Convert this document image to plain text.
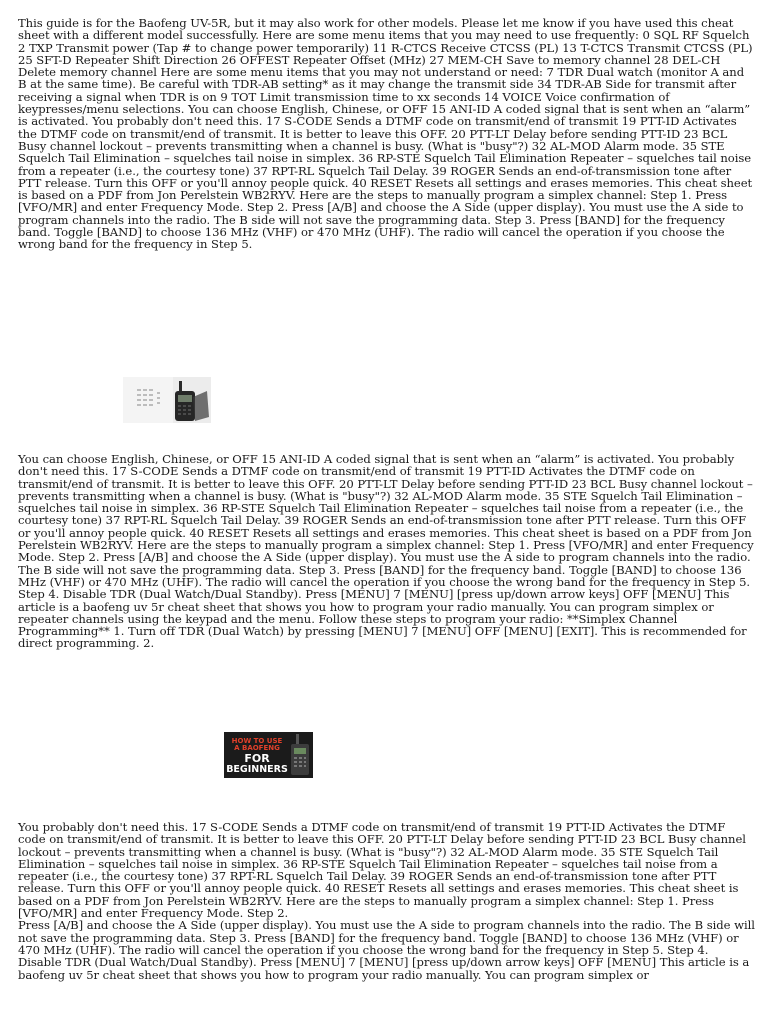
This guide is for the Baofeng UV-5R, but it may also work for other models. Please let me know if you have used this cheat sheet with a different model successfully. Here are some menu items that you may need to use frequently: 0 SQL RF Squelch 2 TXP Transmit power (Tap # to change power temporarily) 11 R-CTCS Receive CTCSS (PL) 13 T-CTCS Transmit CTCSS (PL) 25 SFT-D Repeater Shift Direction 26 OFFEST Repeater Offset (MHz) 27 MEM-CH Save to memory channel 28 DEL-CH Delete memory channel Here are some menu items that you may not understand or need: 7 TDR Dual watch (monitor A and B at the same time). Be careful with TDR-AB setting* as it may change the transmit side 34 TDR-AB Side for transmit after receiving a signal when TDR is on 9 TOT Limit transmission time to xx seconds 14 VOICE Voice confirmation of keypresses/menu selections. You can choose English, Chinese, or OFF 15 ANI-ID A coded signal that is sent when an “alarm” is activated. You probably don't need this. 17 S-CODE Sends a DTMF code on transmit/end of transmit 19 PTT-ID Activates the DTMF code on transmit/end of transmit. It is better to leave this OFF. 20 PTT-LT Delay before sending PTT-ID 23 BCL Busy channel lockout – prevents transmitting when a channel is busy. (What is "busy"?) 32 AL-MOD Alarm mode. 35 STE Squelch Tail Elimination – squelches tail noise in simplex. 36 RP-STE Squelch Tail Elimination Repeater – squelches tail noise from a repeater (i.e., the courtesy tone) 37 RPT-RL Squelch Tail Delay. 39 ROGER Sends an end-of-transmission tone after PTT release. Turn this OFF or you'll annoy people quick. 40 RESET Resets all settings and erases memories. This cheat sheet is based on a PDF from Jon Perelstein WB2RYV. Here are the steps to manually program a simplex channel: Step 1. Press [VFO/MR] and enter Frequency Mode. Step 2. Press [A/B] and choose the A Side (upper display). You must use the A side to program channels into the radio. The B side will not save the programming data. Step 3. Press [BAND] for the frequency band. Toggle [BAND] to choose 136 MHz (VHF) or 470 MHz (UHF). The radio will cancel the operation if you choose the wrong band for the frequency in Step 5.

You can choose English, Chinese, or OFF 15 ANI-ID A coded signal that is sent when an “alarm” is activated. You probably don't need this. 17 S-CODE Sends a DTMF code on transmit/end of transmit 19 PTT-ID Activates the DTMF code on transmit/end of transmit. It is better to leave this OFF. 20 PTT-LT Delay before sending PTT-ID 23 BCL Busy channel lockout – prevents transmitting when a channel is busy. (What is "busy"?) 32 AL-MOD Alarm mode. 35 STE Squelch Tail Elimination – squelches tail noise in simplex. 36 RP-STE Squelch Tail Elimination Repeater – squelches tail noise from a repeater (i.e., the courtesy tone) 37 RPT-RL Squelch Tail Delay. 39 ROGER Sends an end-of-transmission tone after PTT release. Turn this OFF or you'll annoy people quick. 40 RESET Resets all settings and erases memories. This cheat sheet is based on a PDF from Jon Perelstein WB2RYV. Here are the steps to manually program a simplex channel: Step 1. Press [VFO/MR] and enter Frequency Mode. Step 2. Press [A/B] and choose the A Side (upper display). You must use the A side to program channels into the radio. The B side will not save the programming data. Step 3. Press [BAND] for the frequency band. Toggle [BAND] to choose 136 MHz (VHF) or 470 MHz (UHF). The radio will cancel the operation if you choose the wrong band for the frequency in Step 5. Step 4. Disable TDR (Dual Watch/Dual Standby). Press [MENU] 7 [MENU] [press up/down arrow keys] OFF [MENU] This article is a baofeng uv 5r cheat sheet that shows you how to program your radio manually. You can program simplex or repeater channels using the keypad and the menu. Follow these steps to program your radio: **Simplex Channel Programming** 1. Turn off TDR (Dual Watch) by pressing [MENU] 7 [MENU] OFF [MENU] [EXIT]. This is recommended for direct programming. 2.

HOW TO USE
A BAOFENG
FOR
BEGINNERS

You probably don't need this. 17 S-CODE Sends a DTMF code on transmit/end of transmit 19 PTT-ID Activates the DTMF code on transmit/end of transmit. It is better to leave this OFF. 20 PTT-LT Delay before sending PTT-ID 23 BCL Busy channel lockout – prevents transmitting when a channel is busy. (What is "busy"?) 32 AL-MOD Alarm mode. 35 STE Squelch Tail Elimination – squelches tail noise in simplex. 36 RP-STE Squelch Tail Elimination Repeater – squelches tail noise from a repeater (i.e., the courtesy tone) 37 RPT-RL Squelch Tail Delay. 39 ROGER Sends an end-of-transmission tone after PTT release. Turn this OFF or you'll annoy people quick. 40 RESET Resets all settings and erases memories. This cheat sheet is based on a PDF from Jon Perelstein WB2RYV. Here are the steps to manually program a simplex channel: Step 1. Press [VFO/MR] and enter Frequency Mode. Step 2.
Press [A/B] and choose the A Side (upper display). You must use the A side to program channels into the radio. The B side will not save the programming data. Step 3. Press [BAND] for the frequency band. Toggle [BAND] to choose 136 MHz (VHF) or 470 MHz (UHF). The radio will cancel the operation if you choose the wrong band for the frequency in Step 5. Step 4.
Disable TDR (Dual Watch/Dual Standby). Press [MENU] 7 [MENU] [press up/down arrow keys] OFF [MENU] This article is a baofeng uv 5r cheat sheet that shows you how to program your radio manually. You can program simplex or
